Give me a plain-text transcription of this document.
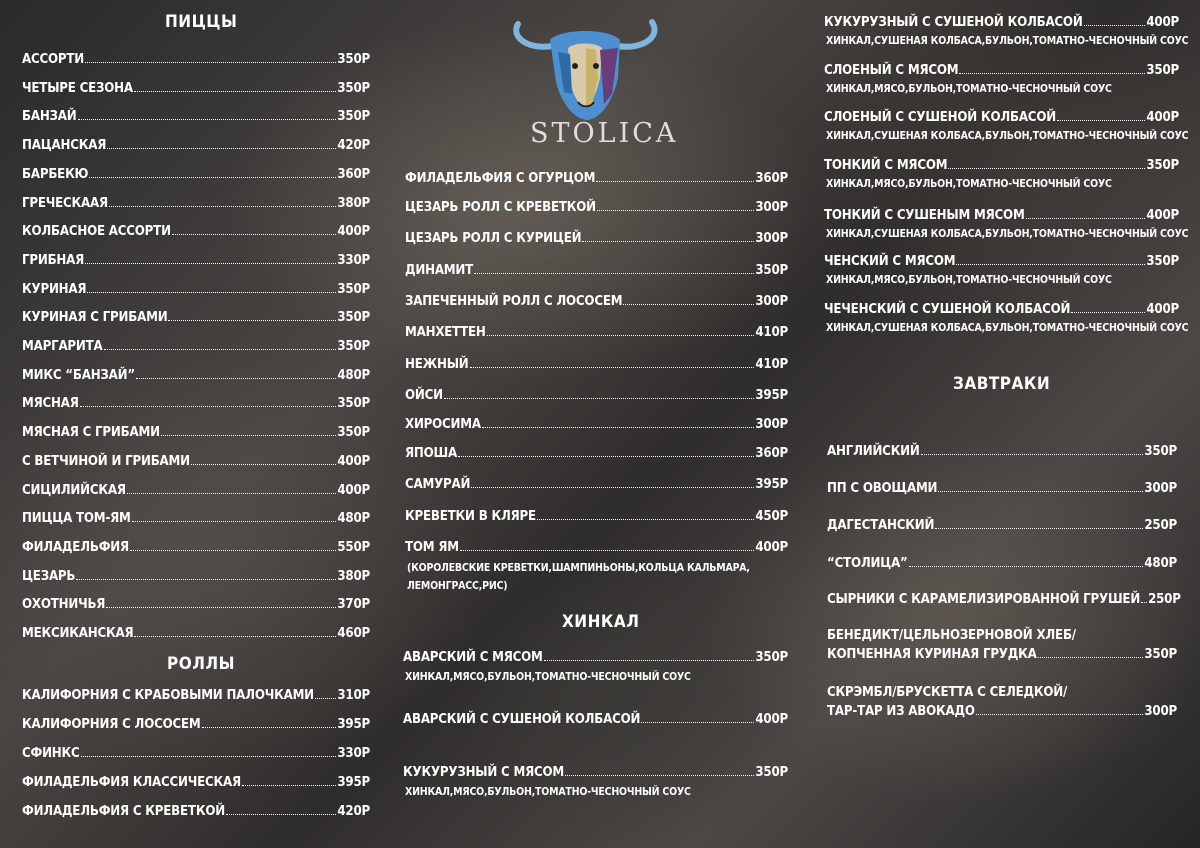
STOLICA
ПИЦЦЫ
АССОРТИ	350Р
ЧЕТЫРЕ СЕЗОНА	350Р
БАНЗАЙ	350Р
ПАЦАНСКАЯ	420Р
БАРБЕКЮ	360Р
ГРЕЧЕСКААЯ	380Р
КОЛБАСНОЕ АССОРТИ	400Р
ГРИБНАЯ	330Р
КУРИНАЯ	350Р
КУРИНАЯ С ГРИБАМИ	350Р
МАРГАРИТА	350Р
МИКС “БАНЗАЙ”	480Р
МЯСНАЯ	350Р
МЯСНАЯ С ГРИБАМИ	350Р
С ВЕТЧИНОЙ И ГРИБАМИ	400Р
СИЦИЛИЙСКАЯ	400Р
ПИЦЦА ТОМ-ЯМ	480Р
ФИЛАДЕЛЬФИЯ	550Р
ЦЕЗАРЬ	380Р
ОХОТНИЧЬЯ	370Р
МЕКСИКАНСКАЯ	460Р
РОЛЛЫ
КАЛИФОРНИЯ С КРАБОВЫМИ ПАЛОЧКАМИ 310Р
КАЛИФОРНИЯ С ЛОСОСЕМ	395Р
СФИНКС	330Р
ФИЛАДЕЛЬФИЯ КЛАССИЧЕСКАЯ	395Р
ФИЛАДЕЛЬФИЯ С КРЕВЕТКОЙ	420Р
ФИЛАДЕЛЬФИЯ С ОГУРЦОМ	360Р
ЦЕЗАРЬ РОЛЛ С КРЕВЕТКОЙ	300Р
ЦЕЗАРЬ РОЛЛ С КУРИЦЕЙ	300Р
ДИНАМИТ	350Р
ЗАПЕЧЕННЫЙ РОЛЛ С ЛОСОСЕМ	300Р
МАНХЕТТЕН	410Р
НЕЖНЫЙ	410Р
ОЙСИ	395Р
ХИРОСИМА	300Р
ЯПОША	360Р
САМУРАЙ	395Р
КРЕВЕТКИ В КЛЯРЕ	450Р
ТОМ ЯМ	400Р
(КОРОЛЕВСКИЕ КРЕВЕТКИ,ШАМПИНЬОНЫ,КОЛЬЦА КАЛЬМАРА,
ЛЕМОНГРАСС,РИС)
ХИНКАЛ
АВАРСКИЙ С МЯСОМ	350Р
ХИНКАЛ,МЯСО,БУЛЬОН,ТОМАТНО-ЧЕСНОЧНЫЙ СОУС
АВАРСКИЙ С СУШЕНОЙ КОЛБАСОЙ	400Р
КУКУРУЗНЫЙ С МЯСОМ	350Р
ХИНКАЛ,МЯСО,БУЛЬОН,ТОМАТНО-ЧЕСНОЧНЫЙ СОУС
КУКУРУЗНЫЙ С СУШЕНОЙ КОЛБАСОЙ	400Р
ХИНКАЛ,СУШЕНАЯ КОЛБАСА,БУЛЬОН,ТОМАТНО-ЧЕСНОЧНЫЙ СОУС
СЛОЕНЫЙ С МЯСОМ	350Р
ХИНКАЛ,МЯСО,БУЛЬОН,ТОМАТНО-ЧЕСНОЧНЫЙ СОУС
СЛОЕНЫЙ С СУШЕНОЙ КОЛБАСОЙ	400Р
ХИНКАЛ,СУШЕНАЯ КОЛБАСА,БУЛЬОН,ТОМАТНО-ЧЕСНОЧНЫЙ СОУС
ТОНКИЙ С МЯСОМ	350Р
ХИНКАЛ,МЯСО,БУЛЬОН,ТОМАТНО-ЧЕСНОЧНЫЙ СОУС
ТОНКИЙ С СУШЕНЫМ МЯСОМ	400Р
ХИНКАЛ,СУШЕНАЯ КОЛБАСА,БУЛЬОН,ТОМАТНО-ЧЕСНОЧНЫЙ СОУС
ЧЕНСКИЙ С МЯСОМ	350Р
ХИНКАЛ,МЯСО,БУЛЬОН,ТОМАТНО-ЧЕСНОЧНЫЙ СОУС
ЧЕЧЕНСКИЙ С СУШЕНОЙ КОЛБАСОЙ	400Р
ХИНКАЛ,СУШЕНАЯ КОЛБАСА,БУЛЬОН,ТОМАТНО-ЧЕСНОЧНЫЙ СОУС
ЗАВТРАКИ
АНГЛИЙСКИЙ	350Р
ПП С ОВОЩАМИ	300Р
ДАГЕСТАНСКИЙ	250Р
“СТОЛИЦА”	480Р
СЫРНИКИ С КАРАМЕЛИЗИРОВАННОЙ ГРУШЕЙ 250Р
БЕНЕДИКТ/ЦЕЛЬНОЗЕРНОВОЙ ХЛЕБ/
КОПЧЕННАЯ КУРИНАЯ ГРУДКА	350Р
СКРЭМБЛ/БРУСКЕТТА С СЕЛЕДКОЙ/
ТАР-ТАР ИЗ АВОКАДО	300Р
